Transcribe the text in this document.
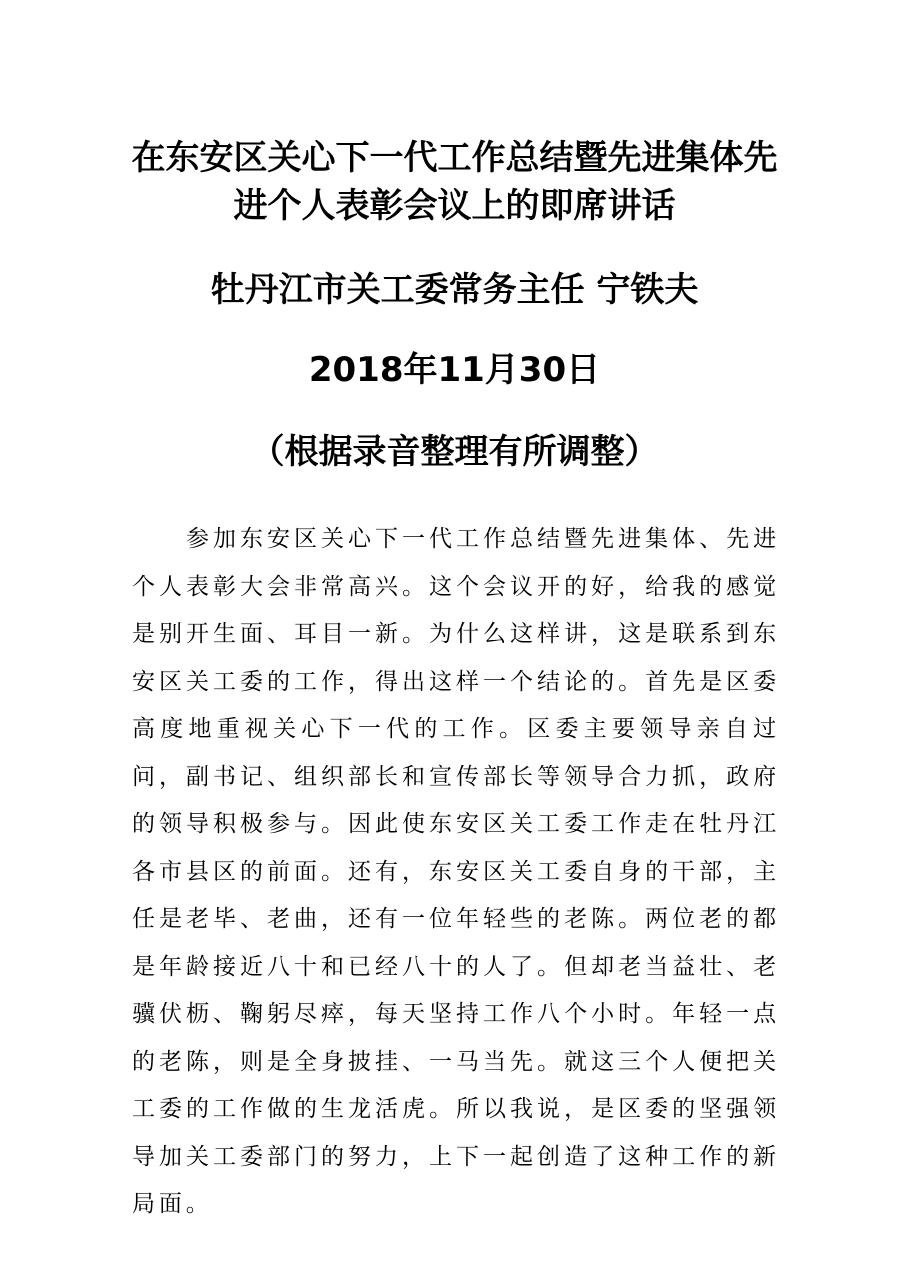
在东安区关心下一代工作总结暨先进集体先进个人表彰会议上的即席讲话
牡丹江市关工委常务主任 宁铁夫
2018年11月30日
（根据录音整理有所调整）

参加东安区关心下一代工作总结暨先进集体、先进个人表彰大会非常高兴。这个会议开的好，给我的感觉是别开生面、耳目一新。为什么这样讲，这是联系到东安区关工委的工作，得出这样一个结论的。首先是区委高度地重视关心下一代的工作。区委主要领导亲自过问，副书记、组织部长和宣传部长等领导合力抓，政府的领导积极参与。因此使东安区关工委工作走在牡丹江各市县区的前面。还有，东安区关工委自身的干部，主任是老毕、老曲，还有一位年轻些的老陈。两位老的都是年龄接近八十和已经八十的人了。但却老当益壮、老骥伏枥、鞠躬尽瘁，每天坚持工作八个小时。年轻一点的老陈，则是全身披挂、一马当先。就这三个人便把关工委的工作做的生龙活虎。所以我说，是区委的坚强领导加关工委部门的努力，上下一起创造了这种工作的新局面。
